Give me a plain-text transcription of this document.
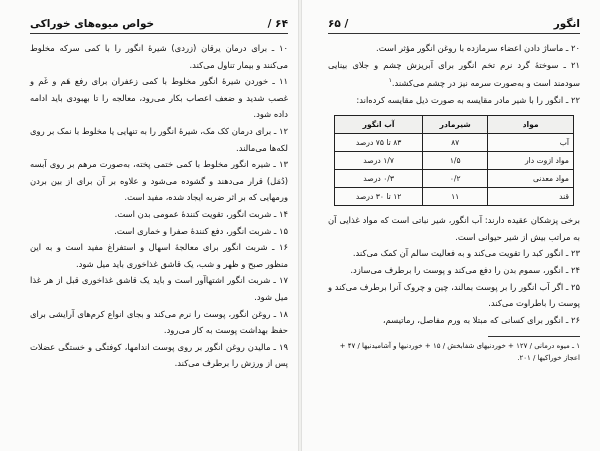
۶۴ /
خواص میوه‌های خوراکی

۱۰ ـ برای درمان یرقان (زردی) شیرهٔ انگور را با کمی سرکه مخلوط می‌کنند و بیمار تناول می‌کند.

۱۱ ـ خوردن شیرهٔ انگور مخلوط با کمی زعفران برای رفع هَم و غَم و غصب شدید و ضعف اعصاب بکار می‌رود، معالجه را تا بهبودی باید ادامه داده شود.

۱۲ ـ برای درمان کک مک، شیرهٔ انگور را به تنهایی یا مخلوط با نمک بر روی لکه‌ها می‌مالند.

۱۳ ـ شیره انگور مخلوط با کمی ختمی پخته، به‌صورت مرهم بر روی آبسه (دُمَل) قرار می‌دهند و گشوده می‌شود و علاوه بر آن برای از بین بردن ورمهایی که بر اثر ضربه ایجاد شده، مفید است.

۱۴ ـ شربت انگور، تقویت کنندهٔ عمومی بدن است.

۱۵ ـ شربت انگور، دفع کنندهٔ صفرا و خماری است.

۱۶ ـ شربت انگور برای معالجهٔ اسهال و استفراغ مفید است و به این منظور صبح و ظهر و شب، یک قاشق غذاخوری باید میل شود.

۱۷ ـ شربت انگور اشتهاآور است و باید یک قاشق غذاخوری قبل از هر غذا میل شود.

۱۸ ـ روغن انگور، پوست را نرم می‌کند و بجای انواع کرم‌های آرایشی برای حفظ بهداشت پوست به کار می‌رود.

۱۹ ـ مالیدن روغن انگور بر روی پوست اندامها، کوفتگی و خستگی عضلات پس از ورزش را برطرف می‌کند.

انگور
/ ۶۵

۲۰ ـ ماساژ دادن اعضاء سرمازده با روغن انگور مؤثر است.

۲۱ ـ سوختهٔ گرد نرم تخم انگور برای آبریزش چشم و جلای بینایی سودمند است و به‌صورت سرمه نیز در چشم می‌کشند.$^۱$

۲۲ ـ انگور را با شیر مادر مقایسه به صورت ذیل مقایسه کرده‌اند:

مواد	شیرمادر	آب انگور
آب	۸۷	۸۳ تا ۷۵ درصد
مواد ازوت دار	۱/۵	۱/۷ درصد
مواد معدنی	۰/۲	۰/۳ درصد
قند	۱۱	۱۲ تا ۳۰ درصد

برخی پزشکان عقیده دارند: آب انگور، شیر نباتی است که مواد غذایی آن به مراتب بیش از شیر حیوانی است.

۲۳ ـ انگور کبد را تقویت می‌کند و به فعالیت سالم آن کمک می‌کند.

۲۴ ـ انگور، سموم بدن را دفع می‌کند و پوست را برطرف می‌سازد.

۲۵ ـ اگر آب انگور را بر پوست بمالند، چین و چروک آنرا برطرف می‌کند و پوست را باطراوت می‌کند.

۲۶ ـ انگور برای کسانی که مبتلا به ورم مفاصل، رماتیسم،

۱ ـ میوه درمانی / ۱۲۷ + خوردنیهای شفابخش / ۱۵ + خوردنیها و آشامیدنیها / ۴۷ + اعجاز خوراکیها / ۲۰۱.
